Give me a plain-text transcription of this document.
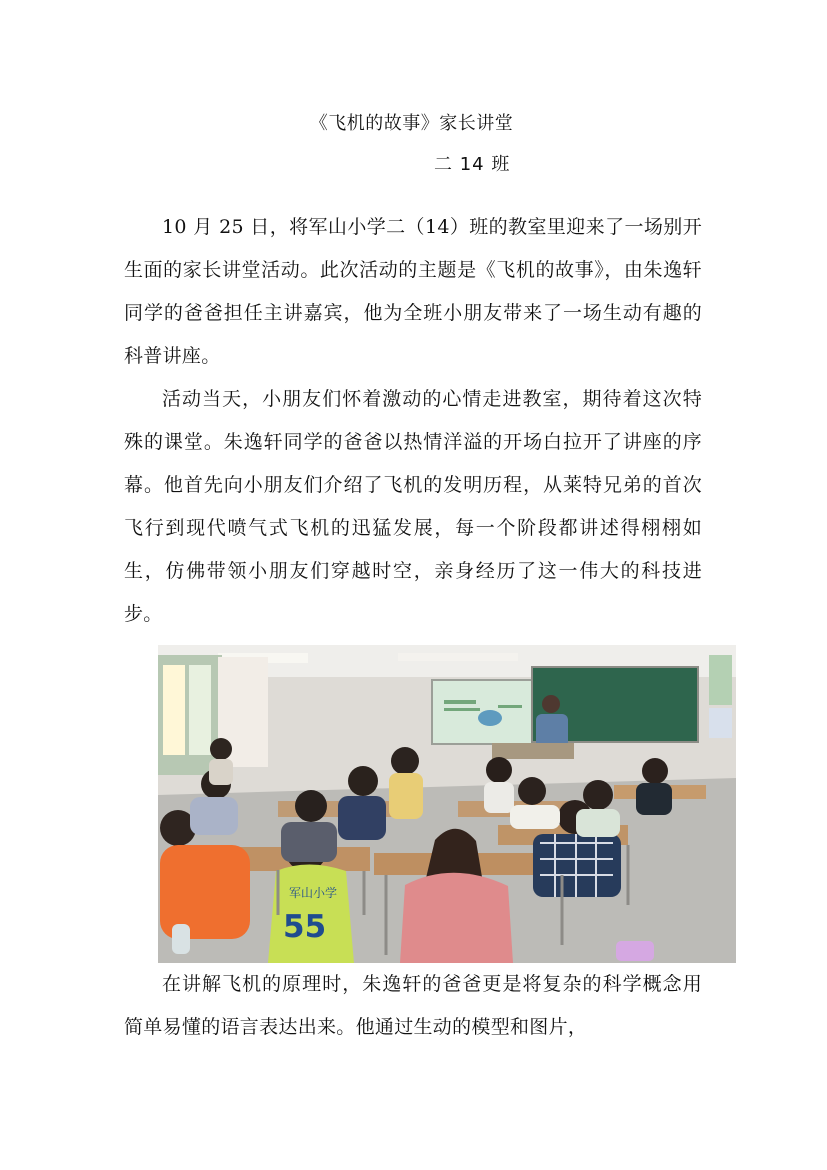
《飞机的故事》家长讲堂
二 14 班

10 月 25 日，将军山小学二（14）班的教室里迎来了一场别开生面的家长讲堂活动。此次活动的主题是《飞机的故事》，由朱逸轩同学的爸爸担任主讲嘉宾，他为全班小朋友带来了一场生动有趣的科普讲座。

活动当天，小朋友们怀着激动的心情走进教室，期待着这次特殊的课堂。朱逸轩同学的爸爸以热情洋溢的开场白拉开了讲座的序幕。他首先向小朋友们介绍了飞机的发明历程，从莱特兄弟的首次飞行到现代喷气式飞机的迅猛发展，每一个阶段都讲述得栩栩如生，仿佛带领小朋友们穿越时空，亲身经历了这一伟大的科技进步。

军山小学
55

在讲解飞机的原理时，朱逸轩的爸爸更是将复杂的科学概念用简单易懂的语言表达出来。他通过生动的模型和图片，
